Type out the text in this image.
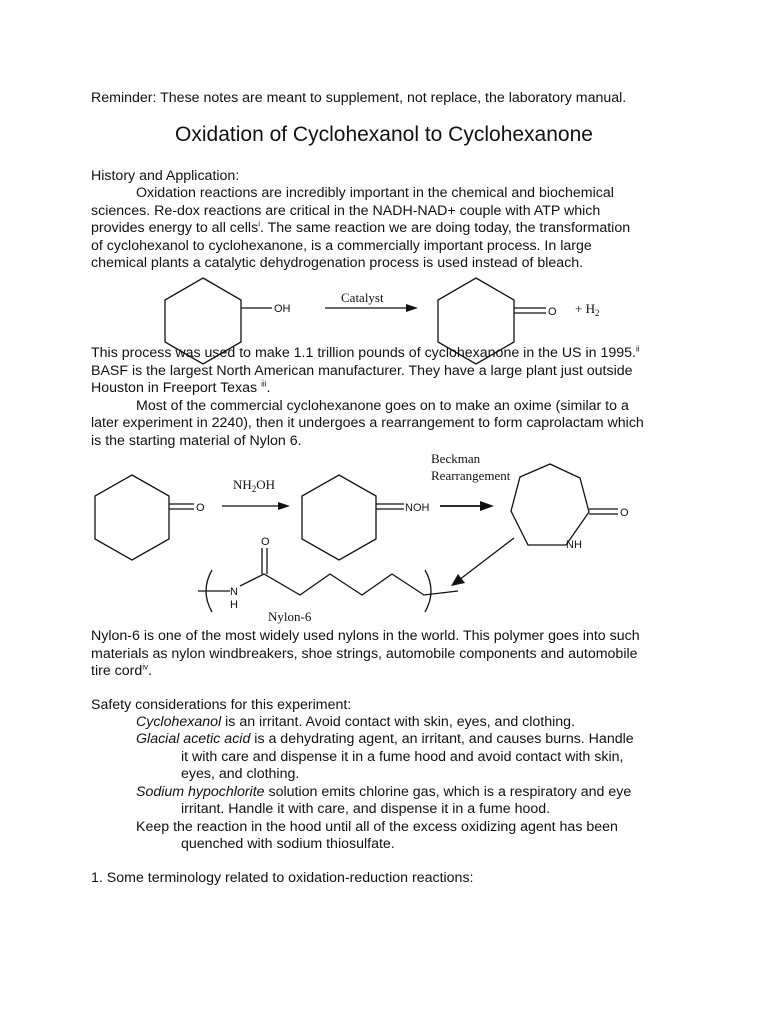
Reminder: These notes are meant to supplement, not replace, the laboratory manual.
Oxidation of Cyclohexanol to Cyclohexanone
History and Application:
Oxidation reactions are incredibly important in the chemical and biochemical
sciences. Re-dox reactions are critical in the NADH-NAD+ couple with ATP which
provides energy to all cells$^i$. The same reaction we are doing today, the transformation
of cyclohexanol to cyclohexanone, is a commercially important process. In large
chemical plants a catalytic dehydrogenation process is used instead of bleach.
OH
Catalyst
$O + H_2$
This process was used to make 1.1 trillion pounds of cyclohexanone in the US in 1995.$^{ii}$
BASF is the largest North American manufacturer. They have a large plant just outside
Houston in Freeport Texas $^{iii}$.
Most of the commercial cyclohexanone goes on to make an oxime (similar to a
later experiment in 2240), then it undergoes a rearrangement to form caprolactam which
is the starting material of Nylon 6.
O
$NH_2OH$
NOH
Beckman
Rearrangement
O
NH
N
H
O
Nylon-6
Nylon-6 is one of the most widely used nylons in the world. This polymer goes into such
materials as nylon windbreakers, shoe strings, automobile components and automobile
tire cord$^{iv}$.
Safety considerations for this experiment:
Cyclohexanol is an irritant. Avoid contact with skin, eyes, and clothing.
Glacial acetic acid is a dehydrating agent, an irritant, and causes burns. Handle
it with care and dispense it in a fume hood and avoid contact with skin,
eyes, and clothing.
Sodium hypochlorite solution emits chlorine gas, which is a respiratory and eye
irritant. Handle it with care, and dispense it in a fume hood.
Keep the reaction in the hood until all of the excess oxidizing agent has been
quenched with sodium thiosulfate.
1. Some terminology related to oxidation-reduction reactions:
